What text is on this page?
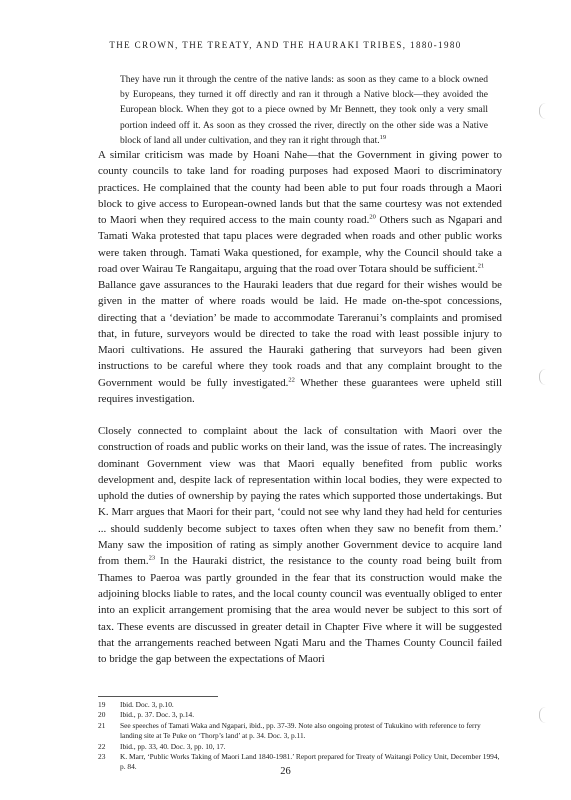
THE CROWN, THE TREATY, AND THE HAURAKI TRIBES, 1880-1980
They have run it through the centre of the native lands: as soon as they came to a block owned by Europeans, they turned it off directly and ran it through a Native block—they avoided the European block. When they got to a piece owned by Mr Bennett, they took only a very small portion indeed off it. As soon as they crossed the river, directly on the other side was a Native block of land all under cultivation, and they ran it right through that.$^{19}$

A similar criticism was made by Hoani Nahe—that the Government in giving power to county councils to take land for roading purposes had exposed Maori to discriminatory practices. He complained that the county had been able to put four roads through a Maori block to give access to European-owned lands but that the same courtesy was not extended to Maori when they required access to the main county road.$^{20}$ Others such as Ngapari and Tamati Waka protested that tapu places were degraded when roads and other public works were taken through. Tamati Waka questioned, for example, why the Council should take a road over Wairau Te Rangaitapu, arguing that the road over Totara should be sufficient.$^{21}$

Ballance gave assurances to the Hauraki leaders that due regard for their wishes would be given in the matter of where roads would be laid. He made on-the-spot concessions, directing that a ‘deviation’ be made to accommodate Tareranui’s complaints and promised that, in future, surveyors would be directed to take the road with least possible injury to Maori cultivations. He assured the Hauraki gathering that surveyors had been given instructions to be careful where they took roads and that any complaint brought to the Government would be fully investigated.$^{22}$ Whether these guarantees were upheld still requires investigation.

Closely connected to complaint about the lack of consultation with Maori over the construction of roads and public works on their land, was the issue of rates. The increasingly dominant Government view was that Maori equally benefited from public works development and, despite lack of representation within local bodies, they were expected to uphold the duties of ownership by paying the rates which supported those undertakings. But K. Marr argues that Maori for their part, ‘could not see why land they had held for centuries ... should suddenly become subject to taxes often when they saw no benefit from them.’ Many saw the imposition of rating as simply another Government device to acquire land from them.$^{23}$ In the Hauraki district, the resistance to the county road being built from Thames to Paeroa was partly grounded in the fear that its construction would make the adjoining blocks liable to rates, and the local county council was eventually obliged to enter into an explicit arrangement promising that the area would never be subject to this sort of tax. These events are discussed in greater detail in Chapter Five where it will be suggested that the arrangements reached between Ngati Maru and the Thames County Council failed to bridge the gap between the expectations of Maori

19	Ibid. Doc. 3, p.10.
20	Ibid., p. 37. Doc. 3, p.14.
21	See speeches of Tamati Waka and Ngapari, ibid., pp. 37-39. Note also ongoing protest of Tukukino with reference to ferry landing site at Te Puke on ‘Thorp’s land’ at p. 34. Doc. 3, p.11.
22	Ibid., pp. 33, 40. Doc. 3, pp. 10, 17.
23	K. Marr, ‘Public Works Taking of Maori Land 1840-1981.’ Report prepared for Treaty of Waitangi Policy Unit, December 1994, p. 84.	26
